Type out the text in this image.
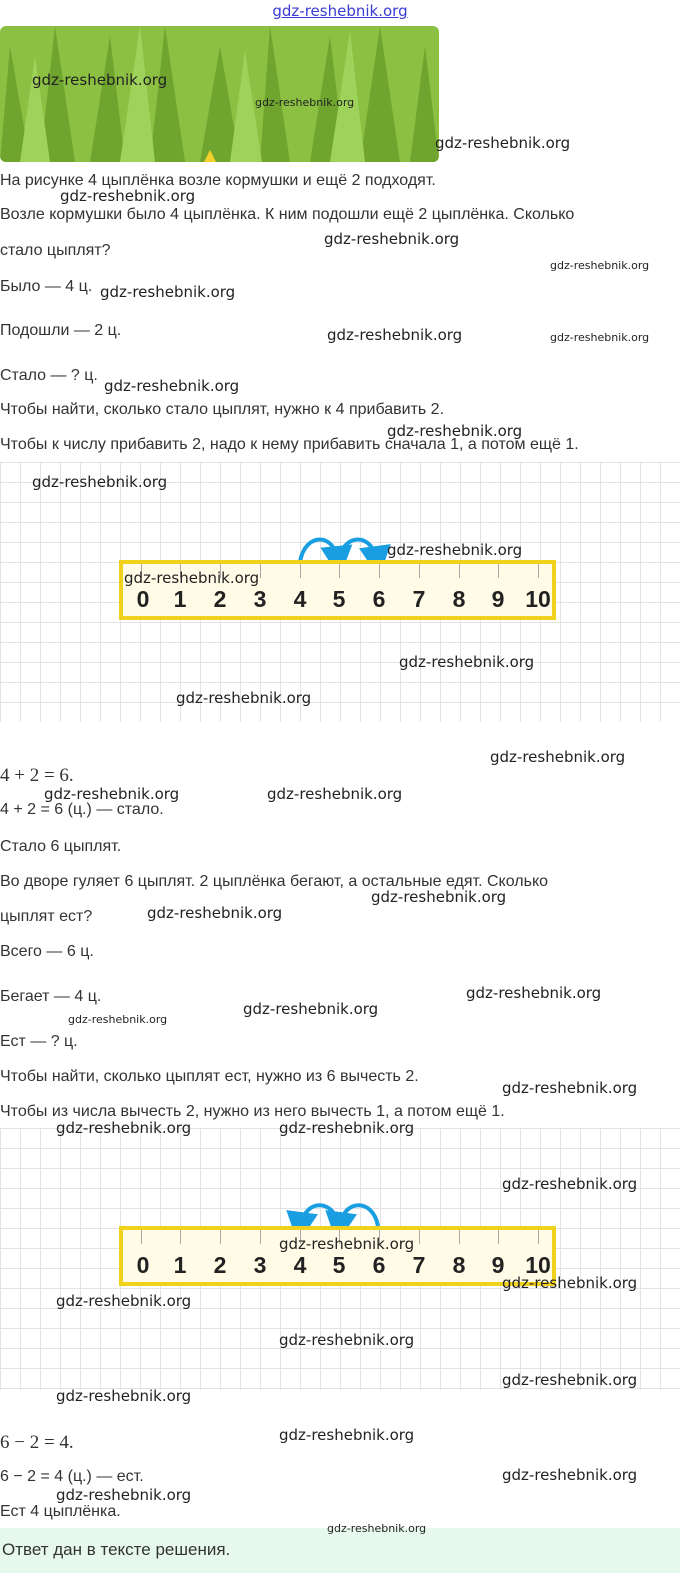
gdz-reshebnik.org
На рисунке 4 цыплёнка возле кормушки и ещё 2 подходят.
Возле кормушки было 4 цыплёнка. К ним подошли ещё 2 цыплёнка. Сколько
стало цыплят?
Было — 4 ц.
Подошли — 2 ц.
Стало — ? ц.
Чтобы найти, сколько стало цыплят, нужно к 4 прибавить 2.
Чтобы к числу прибавить 2, надо к нему прибавить сначала 1, а потом ещё 1.
0	1	2	3	4	5	6	7	8	9 10
4 + 2 = 6.
4 + 2 = 6 (ц.) — стало.
Стало 6 цыплят.
Во дворе гуляет 6 цыплят. 2 цыплёнка бегают, а остальные едят. Сколько
цыплят ест?
Всего — 6 ц.
Бегает — 4 ц.
Ест — ? ц.
Чтобы найти, сколько цыплят ест, нужно из 6 вычесть 2.
Чтобы из числа вычесть 2, нужно из него вычесть 1, а потом ещё 1.
0	1	2	3	4	5	6	7	8	9 10
6 − 2 = 4.
6 − 2 = 4 (ц.) — ест.
Ест 4 цыплёнка.
Ответ дан в тексте решения.
gdz-reshebnik.org
gdz-reshebnik.org
gdz-reshebnik.org
gdz-reshebnik.org
gdz-reshebnik.org
gdz-reshebnik.org
gdz-reshebnik.org
gdz-reshebnik.org	gdz-reshebnik.org
gdz-reshebnik.org
gdz-reshebnik.org
gdz-reshebnik.org
gdz-reshebnik.org
gdz-reshebnik.org
gdz-reshebnik.org
gdz-reshebnik.org
gdz-reshebnik.org
gdz-reshebnik.org	gdz-reshebnik.org
gdz-reshebnik.org
gdz-reshebnik.org
gdz-reshebnik.org
gdz-reshebnik.org
gdz-reshebnik.org
gdz-reshebnik.org
gdz-reshebnik.org	gdz-reshebnik.org
gdz-reshebnik.org
gdz-reshebnik.org
gdz-reshebnik.org
gdz-reshebnik.org
gdz-reshebnik.org
gdz-reshebnik.org
gdz-reshebnik.org
gdz-reshebnik.org
gdz-reshebnik.org
gdz-reshebnik.org
gdz-reshebnik.org
